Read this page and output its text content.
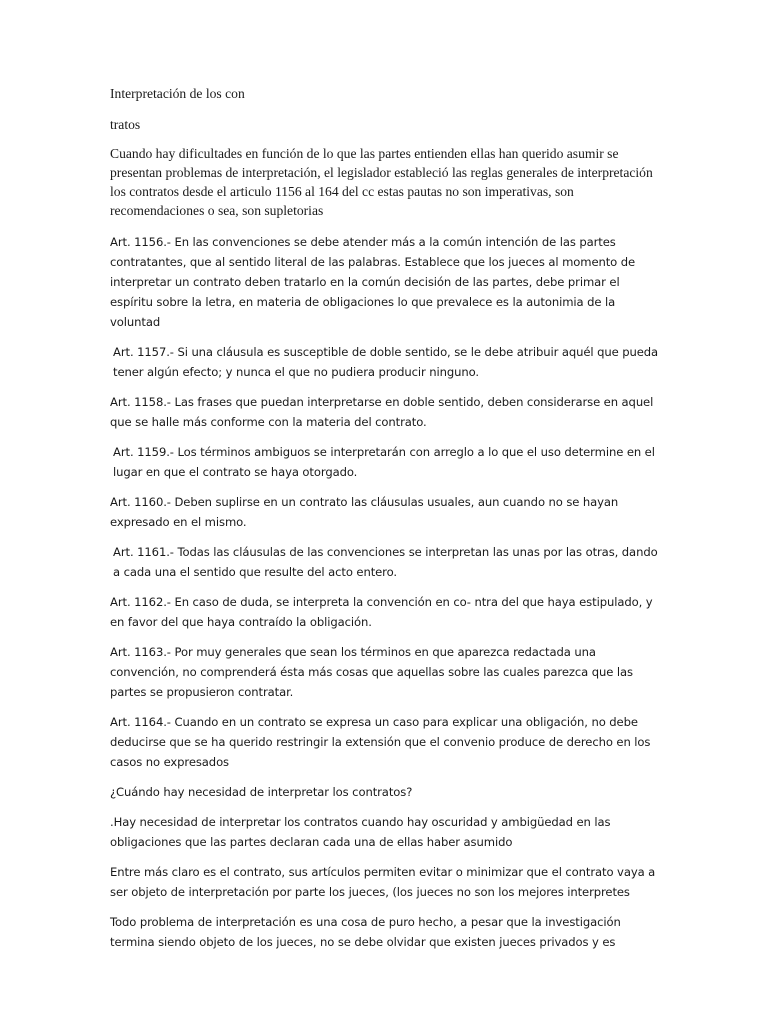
Interpretación de los con

tratos

Cuando hay dificultades en función de lo que las partes entienden ellas han querido asumir se presentan problemas de interpretación, el legislador estableció las reglas generales de interpretación los contratos desde el articulo 1156 al 164 del cc estas pautas no son imperativas, son recomendaciones o sea, son supletorias

Art. 1156.- En las convenciones se debe atender más a la común intención de las partes contratantes, que al sentido literal de las palabras. Establece que los jueces al momento de interpretar un contrato deben tratarlo en la común decisión de las partes, debe primar el espíritu sobre la letra, en materia de obligaciones lo que prevalece es la autonimia de la voluntad

Art. 1157.- Si una cláusula es susceptible de doble sentido, se le debe atribuir aquél que pueda tener algún efecto; y nunca el que no pudiera producir ninguno.

Art. 1158.- Las frases que puedan interpretarse en doble sentido, deben considerarse en aquel que se halle más conforme con la materia del contrato.

Art. 1159.- Los términos ambiguos se interpretarán con arreglo a lo que el uso determine en el lugar en que el contrato se haya otorgado.

Art. 1160.- Deben suplirse en un contrato las cláusulas usuales, aun cuando no se hayan expresado en el mismo.

Art. 1161.- Todas las cláusulas de las convenciones se interpretan las unas por las otras, dando a cada una el sentido que resulte del acto entero.

Art. 1162.- En caso de duda, se interpreta la convención en co- ntra del que haya estipulado, y en favor del que haya contraído la obligación.

Art. 1163.- Por muy generales que sean los términos en que aparezca redactada una convención, no comprenderá ésta más cosas que aquellas sobre las cuales parezca que las partes se propusieron contratar.

Art. 1164.- Cuando en un contrato se expresa un caso para explicar una obligación, no debe deducirse que se ha querido restringir la extensión que el convenio produce de derecho en los casos no expresados

¿Cuándo hay necesidad de interpretar los contratos?

.Hay necesidad de interpretar los contratos cuando hay oscuridad y ambigüedad en las obligaciones que las partes declaran cada una de ellas haber asumido

Entre más claro es el contrato, sus artículos permiten evitar o minimizar que el contrato vaya a ser objeto de interpretación por parte los jueces, (los jueces no son los mejores interpretes

Todo problema de interpretación es una cosa de puro hecho, a pesar que la investigación termina siendo objeto de los jueces, no se debe olvidar que existen jueces privados y es
